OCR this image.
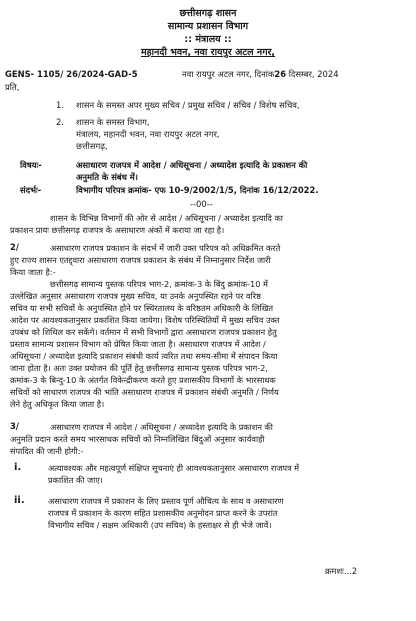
छत्तीसगढ़ शासन
सामान्य प्रशासन विभाग
:: मंत्रालय ::
महानदी भवन, नवा रायपुर अटल नगर,
GENS- 1105/ 26/2024-GAD-5	नवा रायपुर अटल नगर, दिनांक26 दिसम्बर, 2024
प्रति,
1. शासन के समस्त अपर मुख्य सचिव / प्रमुख सचिव / सचिव / विशेष सचिव,
2. शासन के समस्त विभाग,
मंत्रालय, महानदी भवन, नवा रायपुर अटल नगर,
छत्तीसगढ़,
विषयः-	असाधारण राजपत्र में आदेश / अधिसूचना / अध्यादेश इत्यादि के प्रकाशन की
अनुमति के संबंध में।
संदर्भः-	विभागीय परिपत्र क्रमांक- एफ 10-9/2002/1/5, दिनांक 16/12/2022.
--00--
शासन के विभिन्न विभागों की ओर से आदेश / अधिसूचना / अध्यादेश इत्यादि का
प्रकाशन प्रायः छत्तीसगढ़ राजपत्र के असाधारण अंकों में कराया जा रहा है।
2/	असाधारण राजपत्र प्रकाशन के संदर्भ में जारी उक्त परिपत्र को अधिक्रमित करते
हुए राज्य शासन एतद्द्वारा असाधारण राजपत्र प्रकाशन के संबंध में निम्नानुसार निर्देश जारी
किया जाता है:-
छत्तीसगढ़ सामान्य पुस्तक परिपत्र भाग-2, क्रमांक-3 के बिंदु क्रमांक-10 में
उल्लेखित अनुसार असाधारण राजपत्र मुख्य सचिव, या उनके अनुपस्थित रहने पर वरिष्ठ
सचिव या सभी सचिवों के अनुपस्थित होने पर स्थिरतालय के वरिष्ठतम अधिकारी के लिखित
आदेश पर आवश्यकतानुसार प्रकाशित किया जायेगा। विशेष परिस्थितियों में मुख्य सचिव उक्त
उपबंध को शिथिल कर सकेंगे। वर्तमान में सभी विभागों द्वारा असाधारण राजपत्र प्रकाशन हेतु
प्रस्ताव सामान्य प्रशासन विभाग को प्रेषित किया जाता है। असाधारण राजपत्र में आदेश /
अधिसूचना / अध्यादेश इत्यादि प्रकाशन संबंधी कार्य त्वरित तथा समय-सीमा में संपादन किया
जाना होता है। अतः उक्त प्रयोजन की पूर्ति हेतु छत्तीसगढ़ सामान्य पुस्तक परिपत्र भाग-2,
क्रमांक-3 के बिन्दु-10 के अंतर्गत विकेन्द्रीकरण करते हुए प्रशासकीय विभागों के भारसाधक
सचिवों को साधारण राजपत्र की भांति असाधारण राजपत्र में प्रकाशन संबंधी अनुमति / निर्णय
लेने हेतु अधिकृत किया जाता है।
3/	असाधारण राजपत्र में आदेश / अधिसूचना / अध्यादेश इत्यादि के प्रकाशन की
अनुमति प्रदान करते समय भारसाधक सचिवों को निम्नलिखित बिंदुओं अनुसार कार्यवाही
संपादित की जानी होगी:-
i.	अत्यावश्यक और महत्वपूर्ण संक्षिप्त सूचनाएं ही आवश्यकतानुसार असाधारण राजपत्र में
प्रकाशित की जाए।
ii.	असाधारण राजपत्र में प्रकाशन के लिए प्रस्ताव पूर्ण औचित्य के साथ व असाधारण
राजपत्र में प्रकाशन के कारण सहित प्रशासकीय अनुमोदन प्राप्त करने के उपरांत
विभागीय सचिव / सक्षम अधिकारी (उप सचिव) के हस्ताक्षर से ही भेजे जावें।
क्रमशः...2
